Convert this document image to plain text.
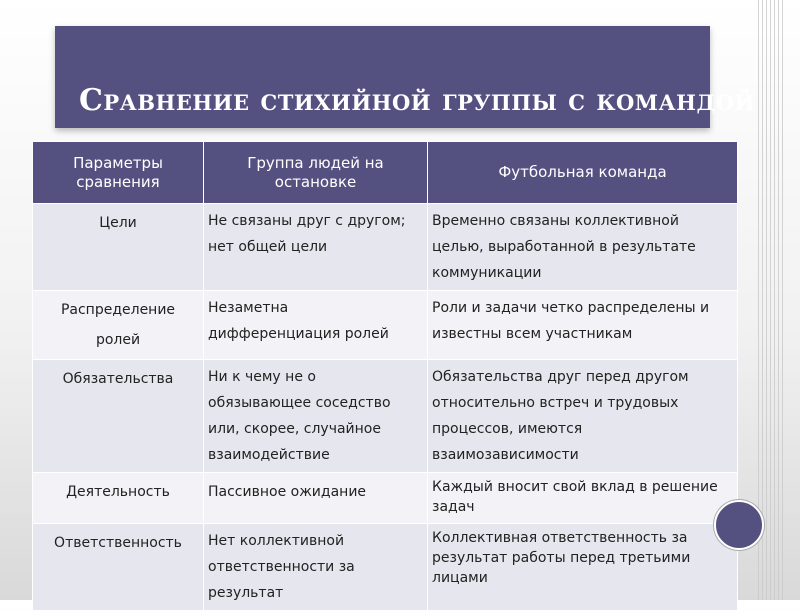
Сравнение стихийной группы с командой
Параметры сравнения	Группа людей на остановке	Футбольная команда
Цели	Не связаны друг с другом; нет общей цели	Временно связаны коллективной целью, выработанной в результате коммуникации
Распределение ролей	Незаметна дифференциация ролей	Роли и задачи четко распределены и известны всем участникам
Обязательства	Ни к чему не о обязывающее соседство или, скорее, случайное взаимодействие	Обязательства друг перед другом относительно встреч и трудовых процессов, имеются взаимозависимости
Деятельность	Пассивное ожидание	Каждый вносит свой вклад в решение задач
Ответственность	Нет коллективной ответственности за результат	Коллективная ответственность за результат работы перед третьими лицами
